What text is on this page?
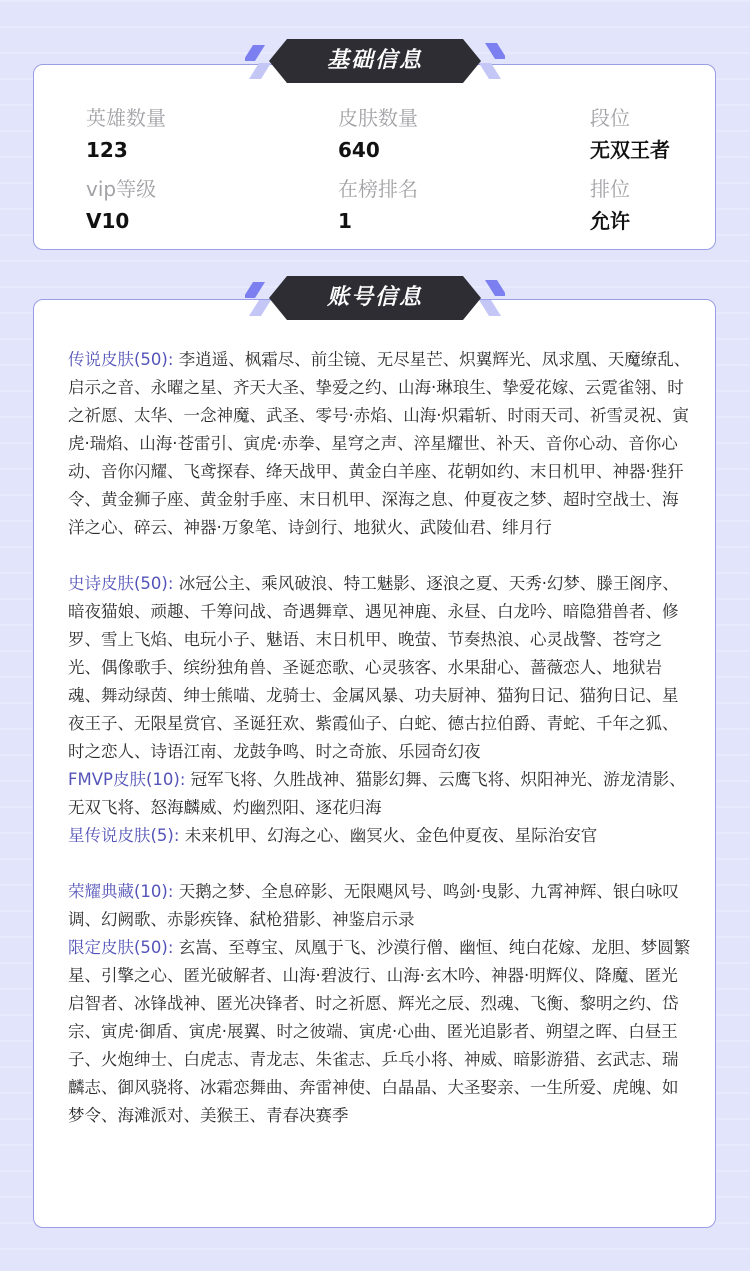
英雄数量
123
皮肤数量
640
段位
无双王者
vip等级
V10
在榜排名
1
排位
允许
基础信息
账号信息

传说皮肤(50): 李逍遥、枫霜尽、前尘镜、无尽星芒、炽翼辉光、凤求凰、天魔缭乱、启示之音、永曜之星、齐天大圣、挚爱之约、山海·琳琅生、挚爱花嫁、云霓雀翎、时之祈愿、太华、一念神魔、武圣、零号·赤焰、山海·炽霜斩、时雨天司、祈雪灵祝、寅虎·瑞焰、山海·苍雷引、寅虎·赤拳、星穹之声、淬星耀世、补天、音你心动、音你心动、音你闪耀、飞鸢探春、绛天战甲、黄金白羊座、花朝如约、末日机甲、神器·狴犴令、黄金狮子座、黄金射手座、末日机甲、深海之息、仲夏夜之梦、超时空战士、海洋之心、碎云、神器·万象笔、诗剑行、地狱火、武陵仙君、绯月行

史诗皮肤(50): 冰冠公主、乘风破浪、特工魅影、逐浪之夏、天秀·幻梦、滕王阁序、暗夜猫娘、顽趣、千筹问战、奇遇舞章、遇见神鹿、永昼、白龙吟、暗隐猎兽者、修罗、雪上飞焰、电玩小子、魅语、末日机甲、晚萤、节奏热浪、心灵战警、苍穹之光、偶像歌手、缤纷独角兽、圣诞恋歌、心灵骇客、水果甜心、蔷薇恋人、地狱岩魂、舞动绿茵、绅士熊喵、龙骑士、金属风暴、功夫厨神、猫狗日记、猫狗日记、星夜王子、无限星赏官、圣诞狂欢、紫霞仙子、白蛇、德古拉伯爵、青蛇、千年之狐、时之恋人、诗语江南、龙鼓争鸣、时之奇旅、乐园奇幻夜

FMVP皮肤(10): 冠军飞将、久胜战神、猫影幻舞、云鹰飞将、炽阳神光、游龙清影、无双飞将、怒海麟威、灼幽烈阳、逐花归海

星传说皮肤(5): 未来机甲、幻海之心、幽冥火、金色仲夏夜、星际治安官

荣耀典藏(10): 天鹅之梦、全息碎影、无限飓风号、鸣剑·曳影、九霄神辉、银白咏叹调、幻阙歌、赤影疾锋、弑枪猎影、神鉴启示录

限定皮肤(50): 玄嵩、至尊宝、凤凰于飞、沙漠行僧、幽恒、纯白花嫁、龙胆、梦圆繁星、引擎之心、匿光破解者、山海·碧波行、山海·玄木吟、神器·明辉仪、降魔、匿光启智者、冰锋战神、匿光决锋者、时之祈愿、辉光之辰、烈魂、飞衡、黎明之约、岱宗、寅虎·御盾、寅虎·展翼、时之彼端、寅虎·心曲、匿光追影者、朔望之晖、白昼王子、火炮绅士、白虎志、青龙志、朱雀志、乒乓小将、神威、暗影游猎、玄武志、瑞麟志、御风骁将、冰霜恋舞曲、奔雷神使、白晶晶、大圣娶亲、一生所爱、虎魄、如梦令、海滩派对、美猴王、青春决赛季
